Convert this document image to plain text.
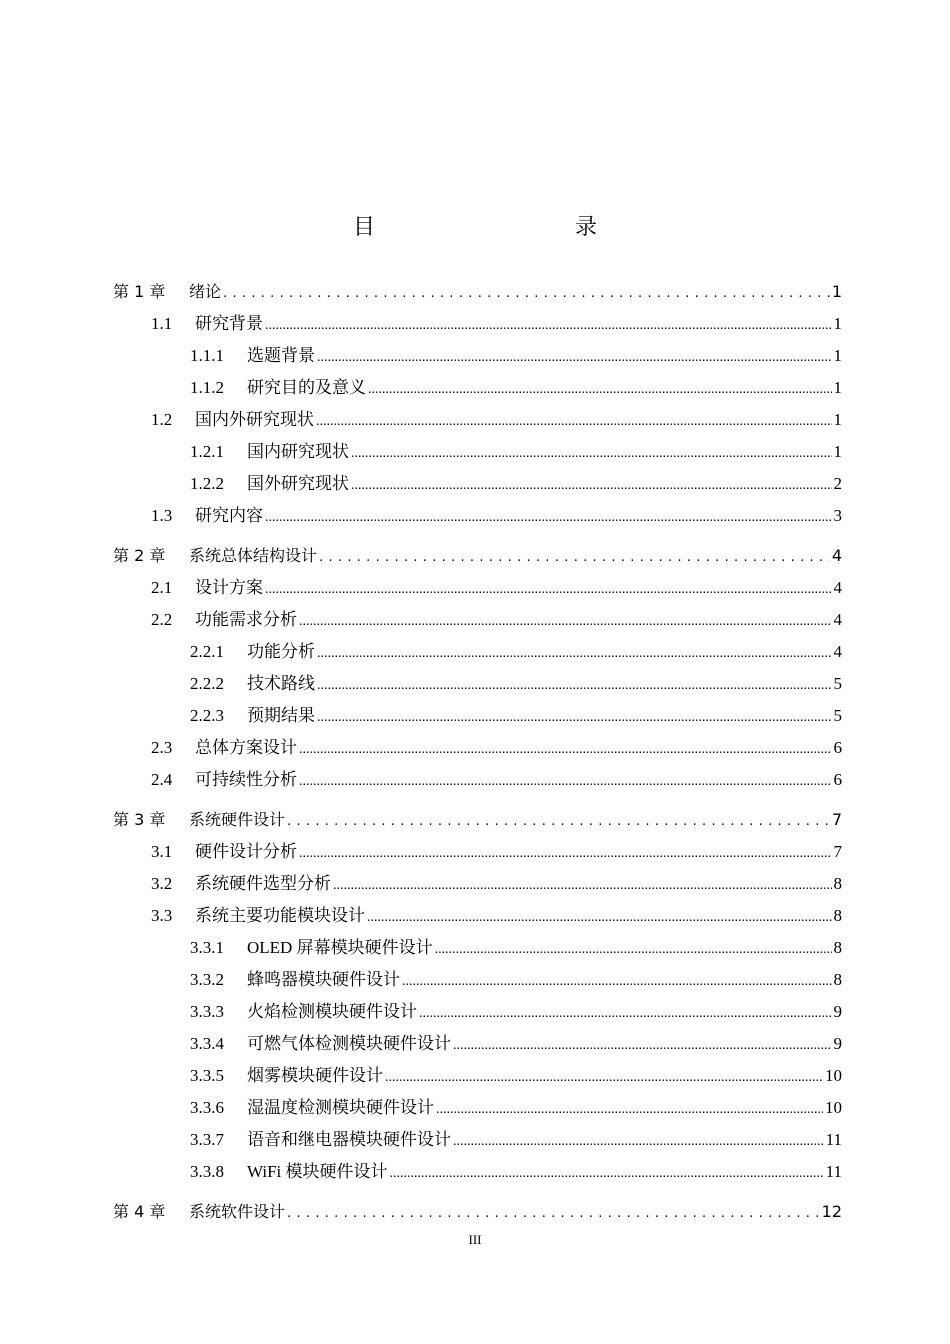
目　　录
第 1 章	绪论 .....	1
1.1	研究背景 .....	1
1.1.1	选题背景 .....	1
1.1.2	研究目的及意义 .....	1
1.2	国内外研究现状 .....	1
1.2.1	国内研究现状 .....	1
1.2.2	国外研究现状 .....	2
1.3	研究内容 .....	3
第 2 章	系统总体结构设计 .....	4
2.1	设计方案 .....	4
2.2	功能需求分析 .....	4
2.2.1	功能分析 .....	4
2.2.2	技术路线 .....	5
2.2.3	预期结果 .....	5
2.3	总体方案设计 .....	6
2.4	可持续性分析 .....	6
第 3 章	系统硬件设计 .....	7
3.1	硬件设计分析 .....	7
3.2	系统硬件选型分析 .....	8
3.3	系统主要功能模块设计 .....	8
3.3.1	OLED 屏幕模块硬件设计 .....	8
3.3.2	蜂鸣器模块硬件设计 .....	8
3.3.3	火焰检测模块硬件设计 .....	9
3.3.4	可燃气体检测模块硬件设计 .....	9
3.3.5	烟雾模块硬件设计 .....	10
3.3.6	湿温度检测模块硬件设计 .....	10
3.3.7	语音和继电器模块硬件设计 .....	11
3.3.8	WiFi 模块硬件设计 .....	11
第 4 章	系统软件设计 .....	12
III
